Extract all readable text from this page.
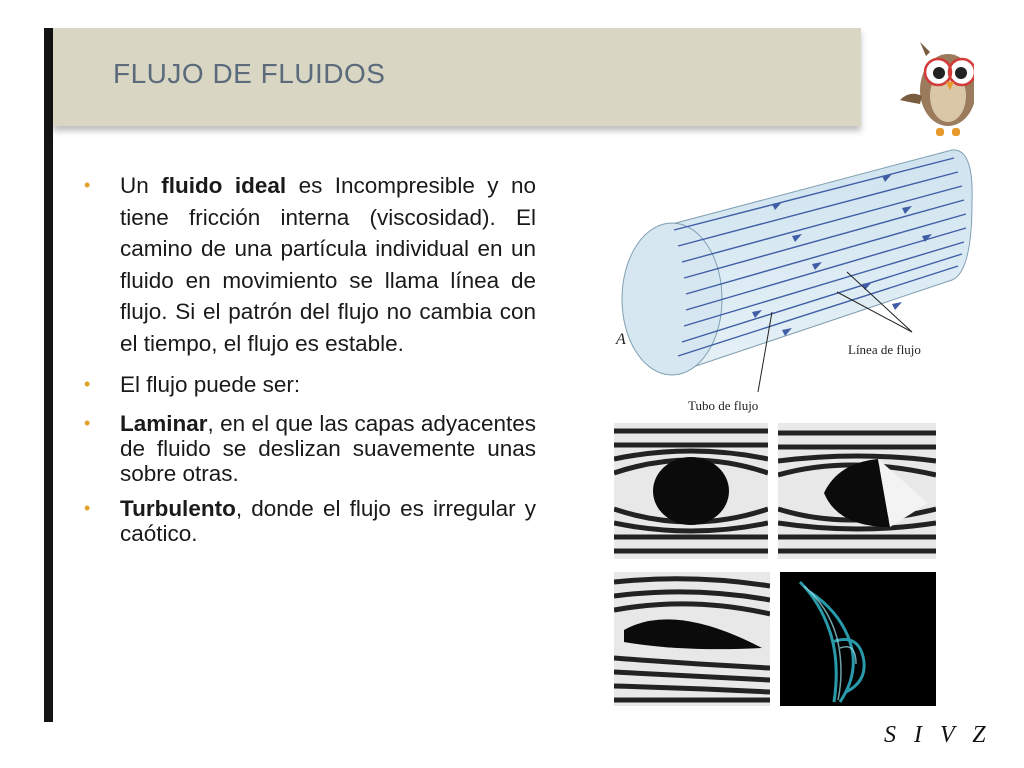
FLUJO DE FLUIDOS
• Un fluido ideal es Incompresible y no tiene fricción interna (viscosidad). El camino de una partícula individual en un fluido en movimiento se llama línea de flujo. Si el patrón del flujo no cambia con el tiempo, el flujo es estable.
• El flujo puede ser:
• Laminar, en el que las capas adyacentes de fluido se deslizan suavemente unas sobre otras.
• Turbulento, donde el flujo es irregular y caótico.
A
Línea de flujo
Tubo de flujo
S I V Z
